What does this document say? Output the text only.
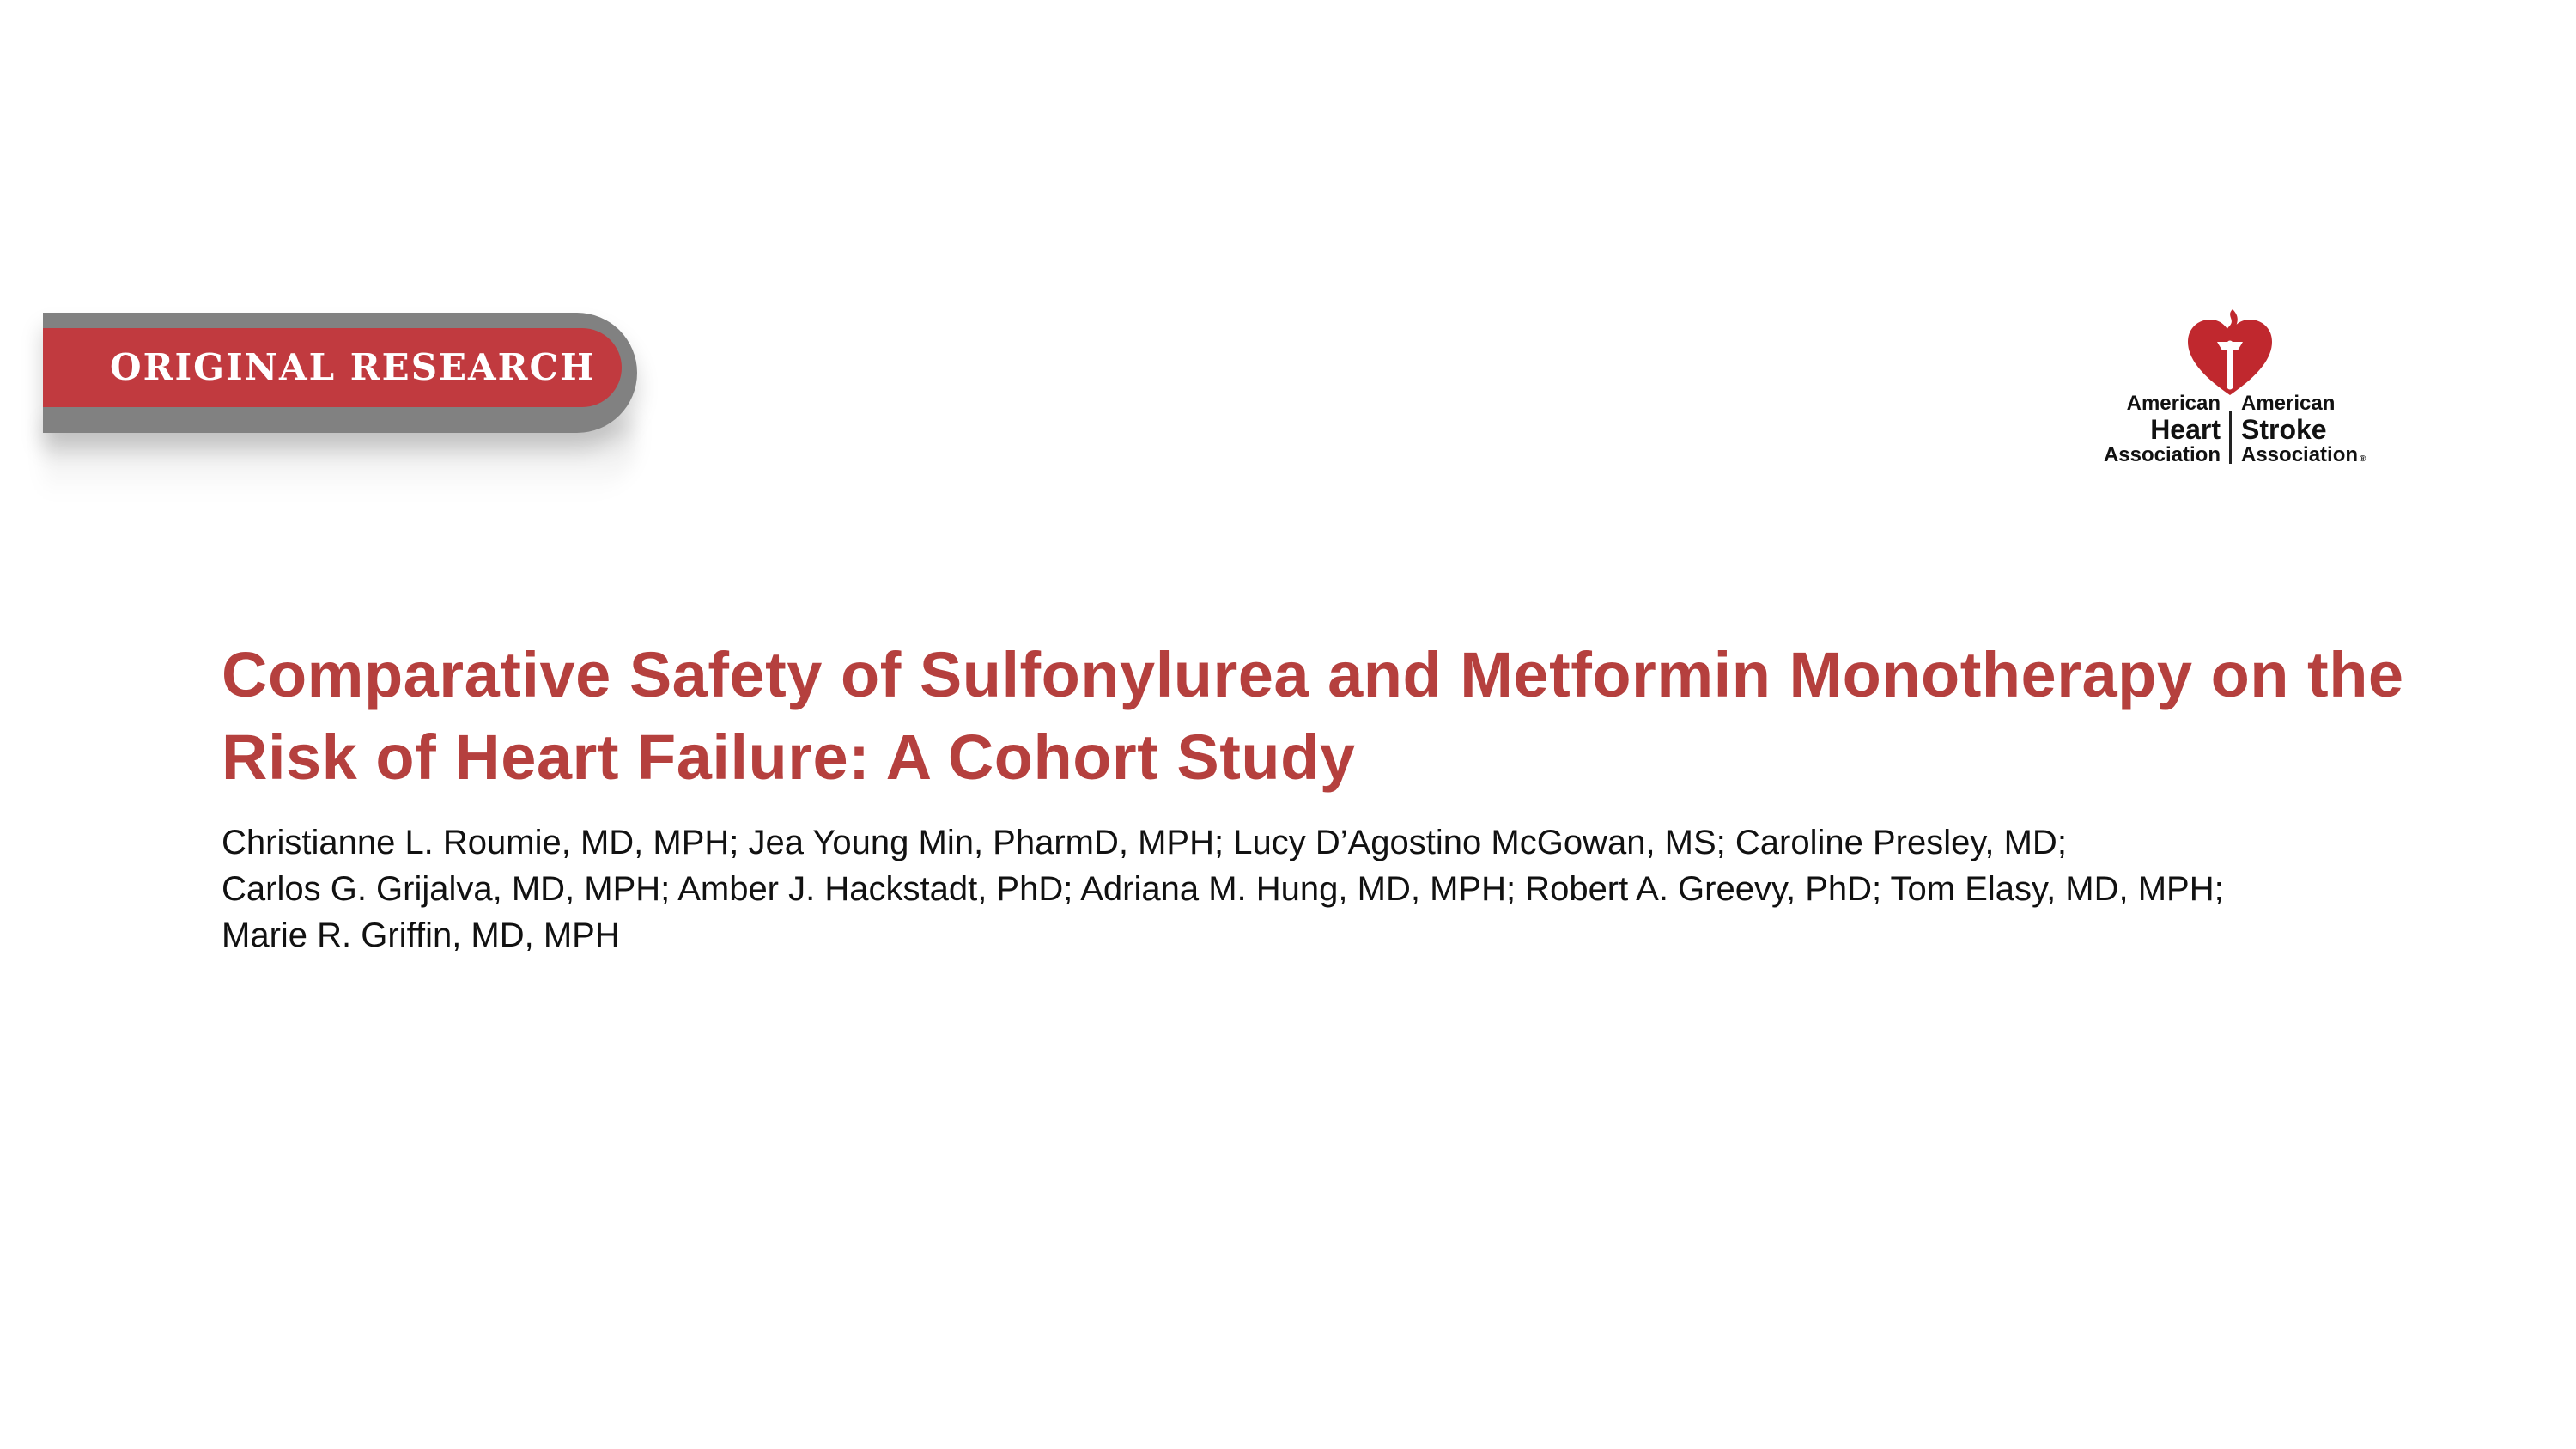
ORIGINAL RESEARCH
American
Heart
Association
American
Stroke
Association ®
Comparative Safety of Sulfonylurea and Metformin Monotherapy on the Risk of Heart Failure: A Cohort Study
Christianne L. Roumie, MD, MPH; Jea Young Min, PharmD, MPH; Lucy D’Agostino McGowan, MS; Caroline Presley, MD;
Carlos G. Grijalva, MD, MPH; Amber J. Hackstadt, PhD; Adriana M. Hung, MD, MPH; Robert A. Greevy, PhD; Tom Elasy, MD, MPH;
Marie R. Griffin, MD, MPH
